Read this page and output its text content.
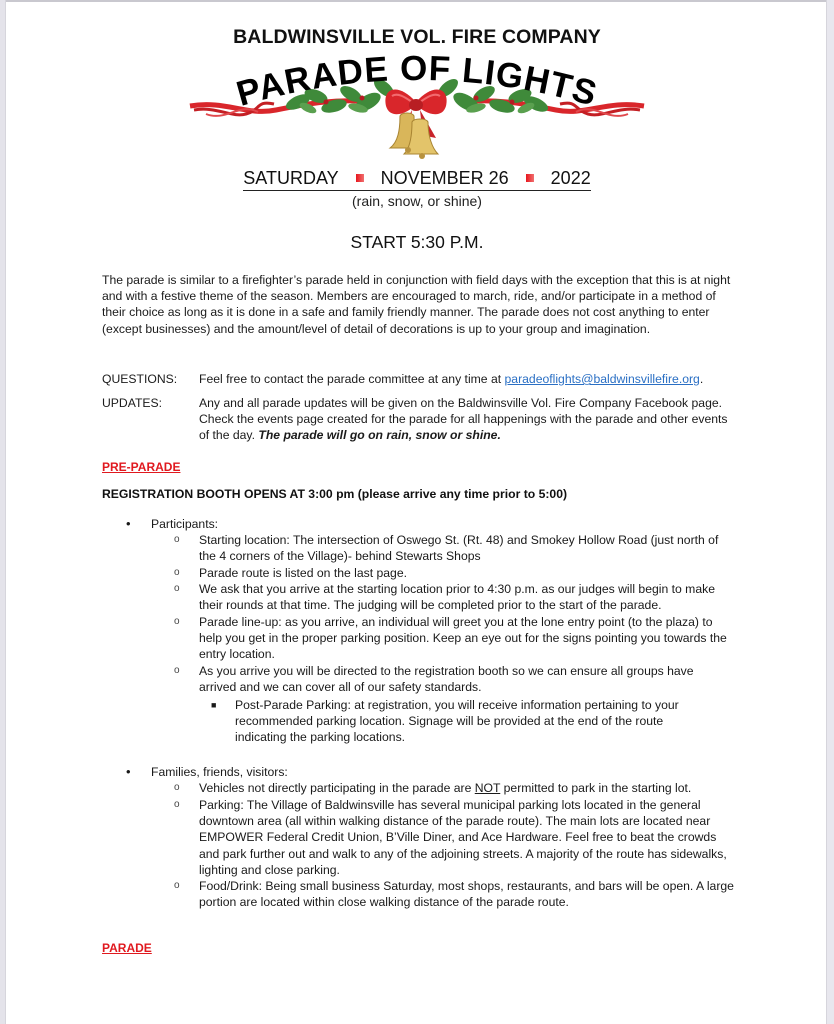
BALDWINSVILLE VOL. FIRE COMPANY
PARADE OF LIGHTS
SATURDAY NOVEMBER 26 2022
(rain, snow, or shine)
START 5:30 P.M.
The parade is similar to a firefighter’s parade held in conjunction with field days with the exception that this is at night and with a festive theme of the season. Members are encouraged to march, ride, and/or participate in a method of their choice as long as it is done in a safe and family friendly manner. The parade does not cost anything to enter (except businesses) and the amount/level of detail of decorations is up to your group and imagination.
QUESTIONS:	Feel free to contact the parade committee at any time at paradeoflights@baldwinsvillefire.org.
UPDATES:	Any and all parade updates will be given on the Baldwinsville Vol. Fire Company Facebook page. Check the events page created for the parade for all happenings with the parade and other events of the day. The parade will go on rain, snow or shine.
PRE-PARADE
REGISTRATION BOOTH OPENS AT 3:00 pm (please arrive any time prior to 5:00)
• Participants:
o Starting location: The intersection of Oswego St. (Rt. 48) and Smokey Hollow Road (just north of the 4 corners of the Village)- behind Stewarts Shops
o Parade route is listed on the last page.
o We ask that you arrive at the starting location prior to 4:30 p.m. as our judges will begin to make their rounds at that time. The judging will be completed prior to the start of the parade.
o Parade line-up: as you arrive, an individual will greet you at the lone entry point (to the plaza) to help you get in the proper parking position. Keep an eye out for the signs pointing you towards the entry location.
o As you arrive you will be directed to the registration booth so we can ensure all groups have arrived and we can cover all of our safety standards.
■ Post-Parade Parking: at registration, you will receive information pertaining to your recommended parking location. Signage will be provided at the end of the route indicating the parking locations.
• Families, friends, visitors:
o Vehicles not directly participating in the parade are NOT permitted to park in the starting lot.
o Parking: The Village of Baldwinsville has several municipal parking lots located in the general downtown area (all within walking distance of the parade route). The main lots are located near EMPOWER Federal Credit Union, B’Ville Diner, and Ace Hardware. Feel free to beat the crowds and park further out and walk to any of the adjoining streets. A majority of the route has sidewalks, lighting and close parking.
o Food/Drink: Being small business Saturday, most shops, restaurants, and bars will be open. A large portion are located within close walking distance of the parade route.
PARADE
